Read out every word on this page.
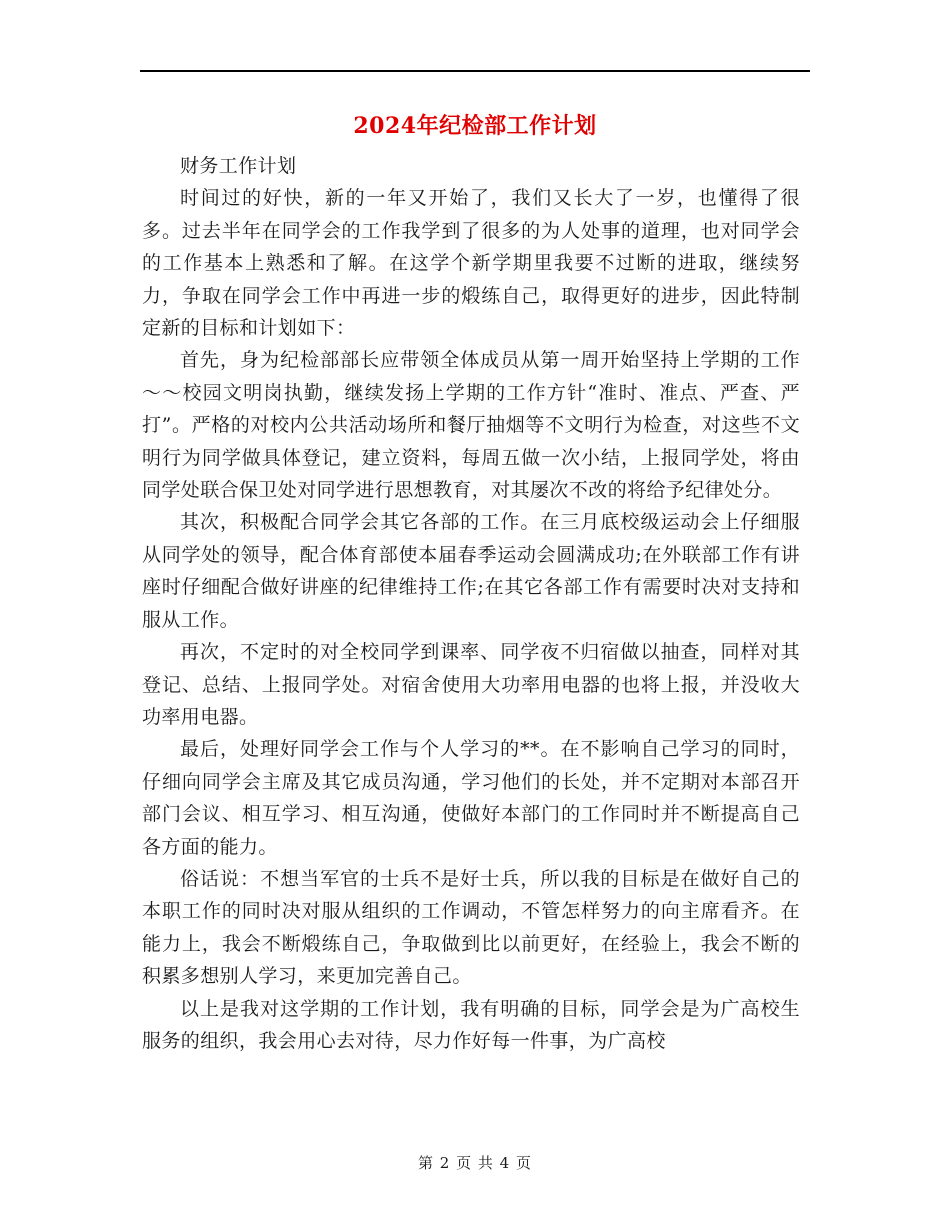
2024年纪检部工作计划

财务工作计划

时间过的好快，新的一年又开始了，我们又长大了一岁，也懂得了很多。过去半年在同学会的工作我学到了很多的为人处事的道理，也对同学会的工作基本上熟悉和了解。在这学个新学期里我要不过断的进取，继续努力，争取在同学会工作中再进一步的煅练自己，取得更好的进步，因此特制定新的目标和计划如下：

首先，身为纪检部部长应带领全体成员从第一周开始坚持上学期的工作～～校园文明岗执勤，继续发扬上学期的工作方针“准时、准点、严查、严打”。严格的对校内公共活动场所和餐厅抽烟等不文明行为检查，对这些不文明行为同学做具体登记，建立资料，每周五做一次小结，上报同学处，将由同学处联合保卫处对同学进行思想教育，对其屡次不改的将给予纪律处分。

其次，积极配合同学会其它各部的工作。在三月底校级运动会上仔细服从同学处的领导，配合体育部使本届春季运动会圆满成功;在外联部工作有讲座时仔细配合做好讲座的纪律维持工作;在其它各部工作有需要时决对支持和服从工作。

再次，不定时的对全校同学到课率、同学夜不归宿做以抽查，同样对其登记、总结、上报同学处。对宿舍使用大功率用电器的也将上报，并没收大功率用电器。

最后，处理好同学会工作与个人学习的**。在不影响自己学习的同时，仔细向同学会主席及其它成员沟通，学习他们的长处，并不定期对本部召开部门会议、相互学习、相互沟通，使做好本部门的工作同时并不断提高自己各方面的能力。

俗话说：不想当军官的士兵不是好士兵，所以我的目标是在做好自己的本职工作的同时决对服从组织的工作调动，不管怎样努力的向主席看齐。在能力上，我会不断煅练自己，争取做到比以前更好，在经验上，我会不断的积累多想别人学习，来更加完善自己。

以上是我对这学期的工作计划，我有明确的目标，同学会是为广高校生服务的组织，我会用心去对待，尽力作好每一件事，为广高校

第 2 页 共 4 页
